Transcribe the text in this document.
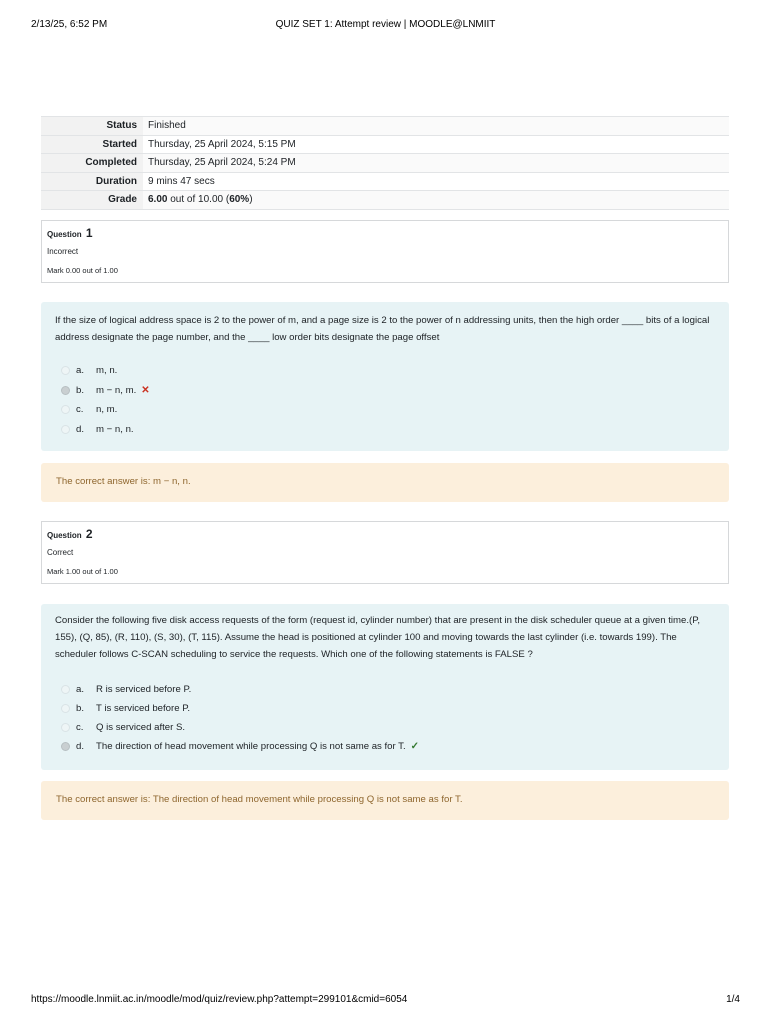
2/13/25, 6:52 PM	QUIZ SET 1: Attempt review | MOODLE@LNMIIT
Status	Finished
Started	Thursday, 25 April 2024, 5:15 PM
Completed	Thursday, 25 April 2024, 5:24 PM
Duration	9 mins 47 secs
Grade	6.00 out of 10.00 (60%)
Question 1
Incorrect
Mark 0.00 out of 1.00
If the size of logical address space is 2 to the power of m, and a page size is 2 to the power of n addressing units, then the high order ____ bits of a logical address designate the page number, and the ____ low order bits designate the page offset
a. m, n.
b. m − n, m. ✕
c. n, m.
d. m − n, n.
The correct answer is: m − n, n.
Question 2
Correct
Mark 1.00 out of 1.00
Consider the following five disk access requests of the form (request id, cylinder number) that are present in the disk scheduler queue at a given time.(P, 155), (Q, 85), (R, 110), (S, 30), (T, 115). Assume the head is positioned at cylinder 100 and moving towards the last cylinder (i.e. towards 199). The scheduler follows C-SCAN scheduling to service the requests. Which one of the following statements is FALSE ?
a. R is serviced before P.
b. T is serviced before P.
c. Q is serviced after S.
d. The direction of head movement while processing Q is not same as for T. ✓
The correct answer is: The direction of head movement while processing Q is not same as for T.
https://moodle.lnmiit.ac.in/moodle/mod/quiz/review.php?attempt=299101&cmid=6054	1/4
